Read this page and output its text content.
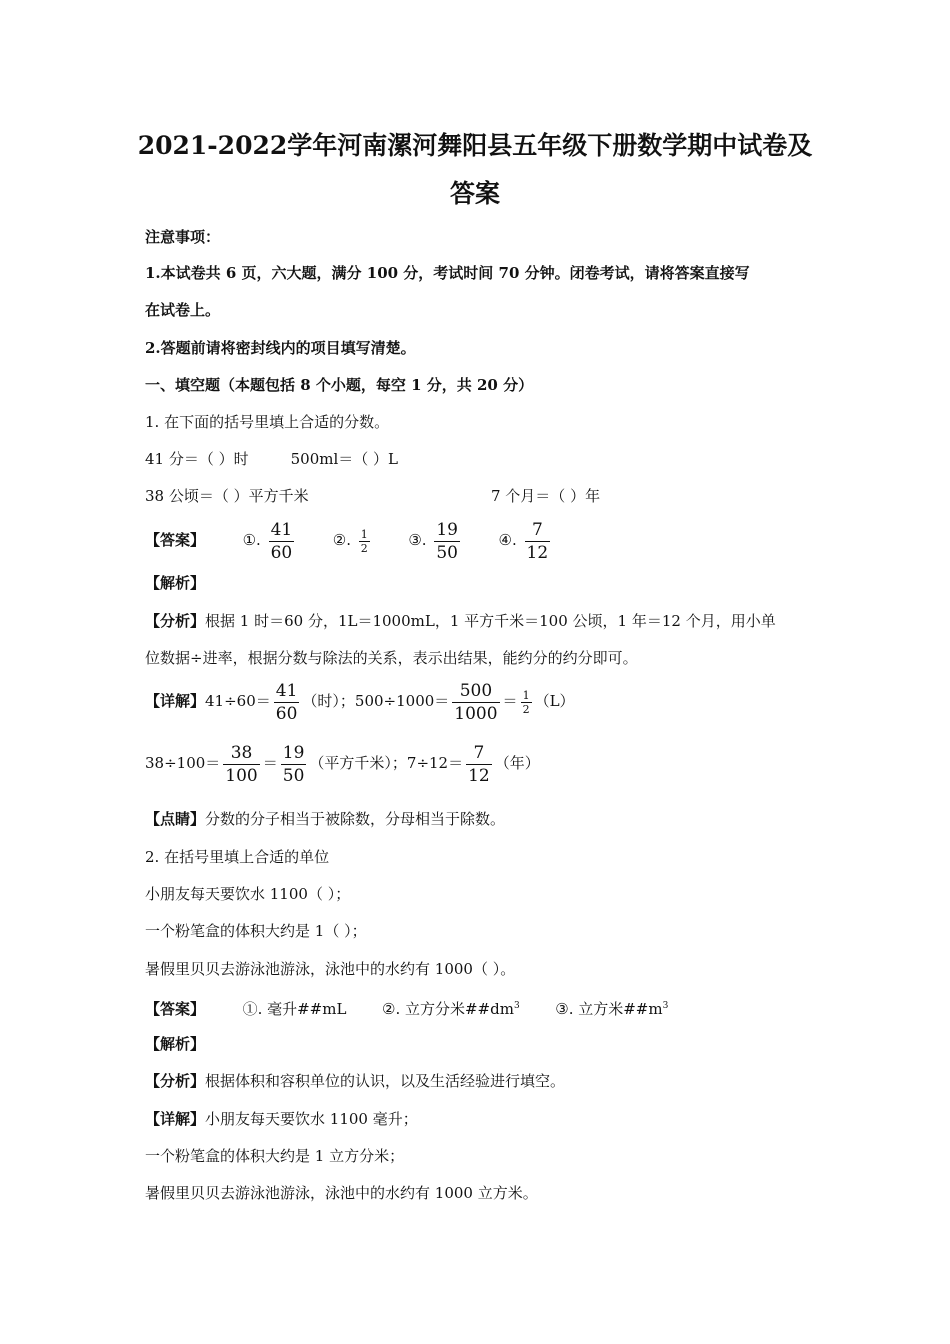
2021-2022学年河南漯河舞阳县五年级下册数学期中试卷及
答案
注意事项：
1.本试卷共 6 页，六大题，满分 100 分，考试时间 70 分钟。闭卷考试，请将答案直接写
在试卷上。
2.答题前请将密封线内的项目填写清楚。
一、填空题（本题包括 8 个小题，每空 1 分，共 20 分）
1. 在下面的括号里填上合适的分数。
41 分＝（ ）时	500ml＝（ ）L
38 公顷＝（ ）平方千米	7 个月＝（ ）年
【答案】	①. $\frac{41}{60}$	②. $\frac{1}{2}$	③. $\frac{19}{50}$	④. $\frac{7}{12}$
【解析】
【分析】根据 1 时＝60 分，1L＝1000mL，1 平方千米＝100 公顷，1 年＝12 个月，用小单
位数据÷进率，根据分数与除法的关系，表示出结果，能约分的约分即可。
【详解】$41\div 60= \frac{41}{60}$ （时）；$500\div 1000= \frac{500}{1000} = \frac{1}{2} (L)$
$38\div 100= \frac{38}{100} = \frac{19}{50}$ （平方千米）；$7\div 12= \frac{7}{12}$ （年）
【点睛】分数的分子相当于被除数，分母相当于除数。
2. 在括号里填上合适的单位
小朋友每天要饮水 1100（ ）；
一个粉笔盒的体积大约是 1（ ）；
暑假里贝贝去游泳池游泳，泳池中的水约有 1000（ ）。
【答案】	①. 毫升##mL ②. 立方分米$\#\#dm^3$ ③. 立方米$\#\#m^3$
【解析】
【分析】根据体积和容积单位的认识，以及生活经验进行填空。
【详解】小朋友每天要饮水 1100 毫升；
一个粉笔盒的体积大约是 1 立方分米；
暑假里贝贝去游泳池游泳，泳池中的水约有 1000 立方米。
